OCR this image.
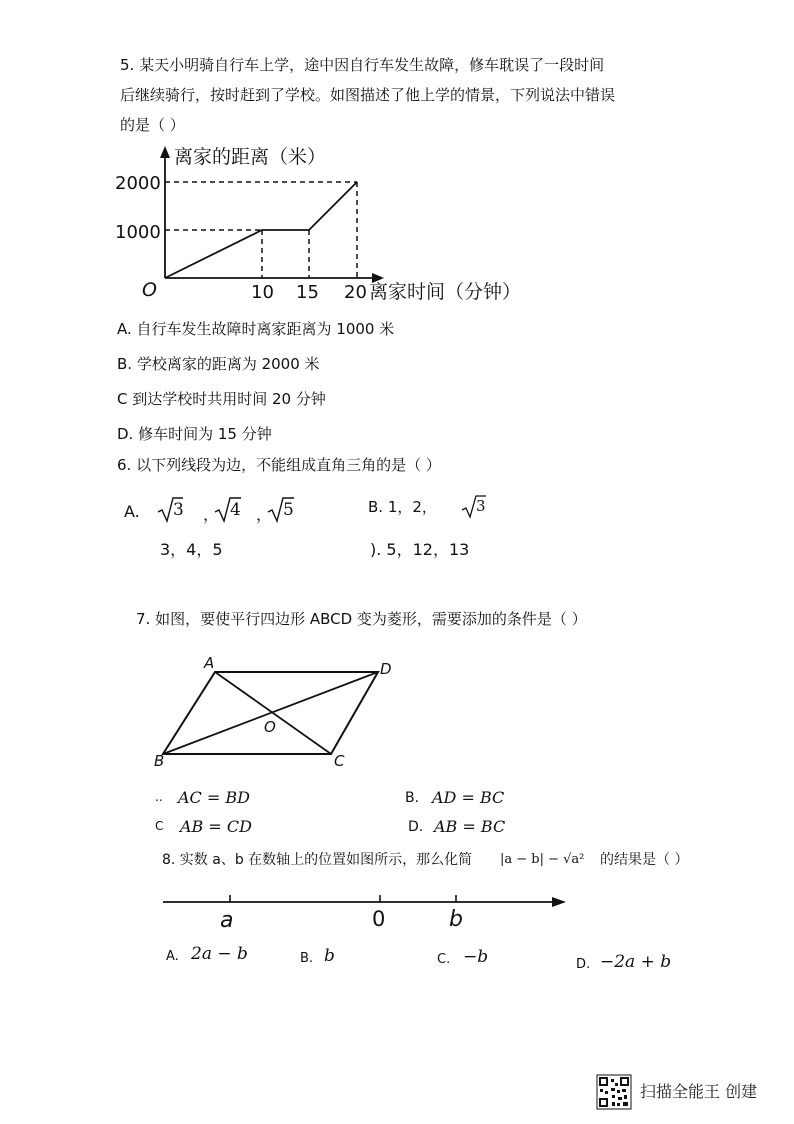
5. 某天小明骑自行车上学，途中因自行车发生故障，修车耽误了一段时间
后继续骑行，按时赶到了学校。如图描述了他上学的情景，下列说法中错误
的是（ ）
离家的距离（米）
2000
1000
O	10 15 20 离家时间（分钟）
A. 自行车发生故障时离家距离为 1000 米
B. 学校离家的距离为 2000 米
C 到达学校时共用时间 20 分钟
D. 修车时间为 15 分钟
6. 以下列线段为边，不能组成直角三角的是（ ）
A.	， ，
3	4 5	B. 1，2，	3
3，4，5	). 5，12，13
7. 如图，要使平行四边形 ABCD 变为菱形，需要添加的条件是（ ）
A	D
B	C
O
.. AC = BD	B. AD = BC
C AB = CD	D. AB = BC
8. 实数 a、b 在数轴上的位置如图所示，那么化简 |a − b| − √a² 的结果是（ ）
a	0	b
A. 2a − b	B. b	C. −b	D. −2a + b
扫描全能王 创建
